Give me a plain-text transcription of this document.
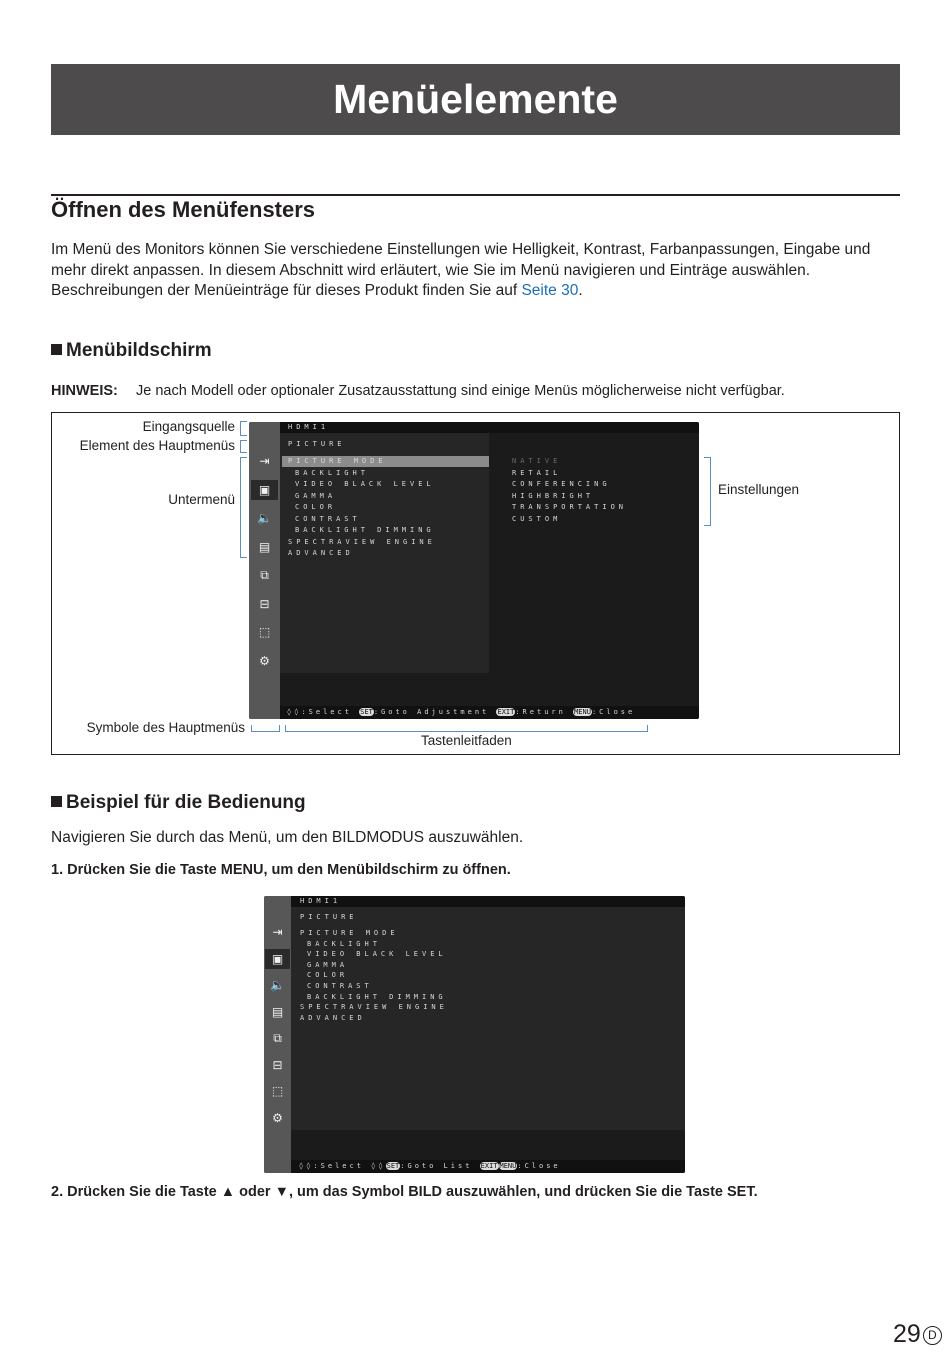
Menüelemente
Öffnen des Menüfensters

Im Menü des Monitors können Sie verschiedene Einstellungen wie Helligkeit, Kontrast, Farbanpassungen, Eingabe und mehr direkt anpassen. In diesem Abschnitt wird erläutert, wie Sie im Menü navigieren und Einträge auswählen. Beschreibungen der Menüeinträge für dieses Produkt finden Sie auf Seite 30.

Menübildschirm
HINWEIS: Je nach Modell oder optionaler Zusatzausstattung sind einige Menüs möglicherweise nicht verfügbar.
Eingangsquelle
Element des Hauptmenüs
Untermenü
Einstellungen
Symbole des Hauptmenüs
Tastenleitfaden
HDMI1
PICTURE
PICTURE MODE
BACKLIGHT
VIDEO BLACK LEVEL
GAMMA
COLOR
CONTRAST
BACKLIGHT DIMMING
SPECTRAVIEW ENGINE
ADVANCED
NATIVE
RETAIL
CONFERENCING
HIGHBRIGHT
TRANSPORTATION
CUSTOM
⇥
▣
🔈
▤
⧉
⊟
⬚
⚙
◊◊:Select SET:Goto Adjustment EXIT:Return MENU:Close
Beispiel für die Bedienung
Navigieren Sie durch das Menü, um den BILDMODUS auszuwählen.
1. Drücken Sie die Taste MENU, um den Menübildschirm zu öffnen.
HDMI1
PICTURE
PICTURE MODE
BACKLIGHT
VIDEO BLACK LEVEL
GAMMA
COLOR
CONTRAST
BACKLIGHT DIMMING
SPECTRAVIEW ENGINE
ADVANCED
⇥
▣
🔈
▤
⧉
⊟
⬚
⚙
◊◊:Select ◊◊SET:Goto List EXIT MENU:Close
2. Drücken Sie die Taste ▲ oder ▼, um das Symbol BILD auszuwählen, und drücken Sie die Taste SET.
29 D
